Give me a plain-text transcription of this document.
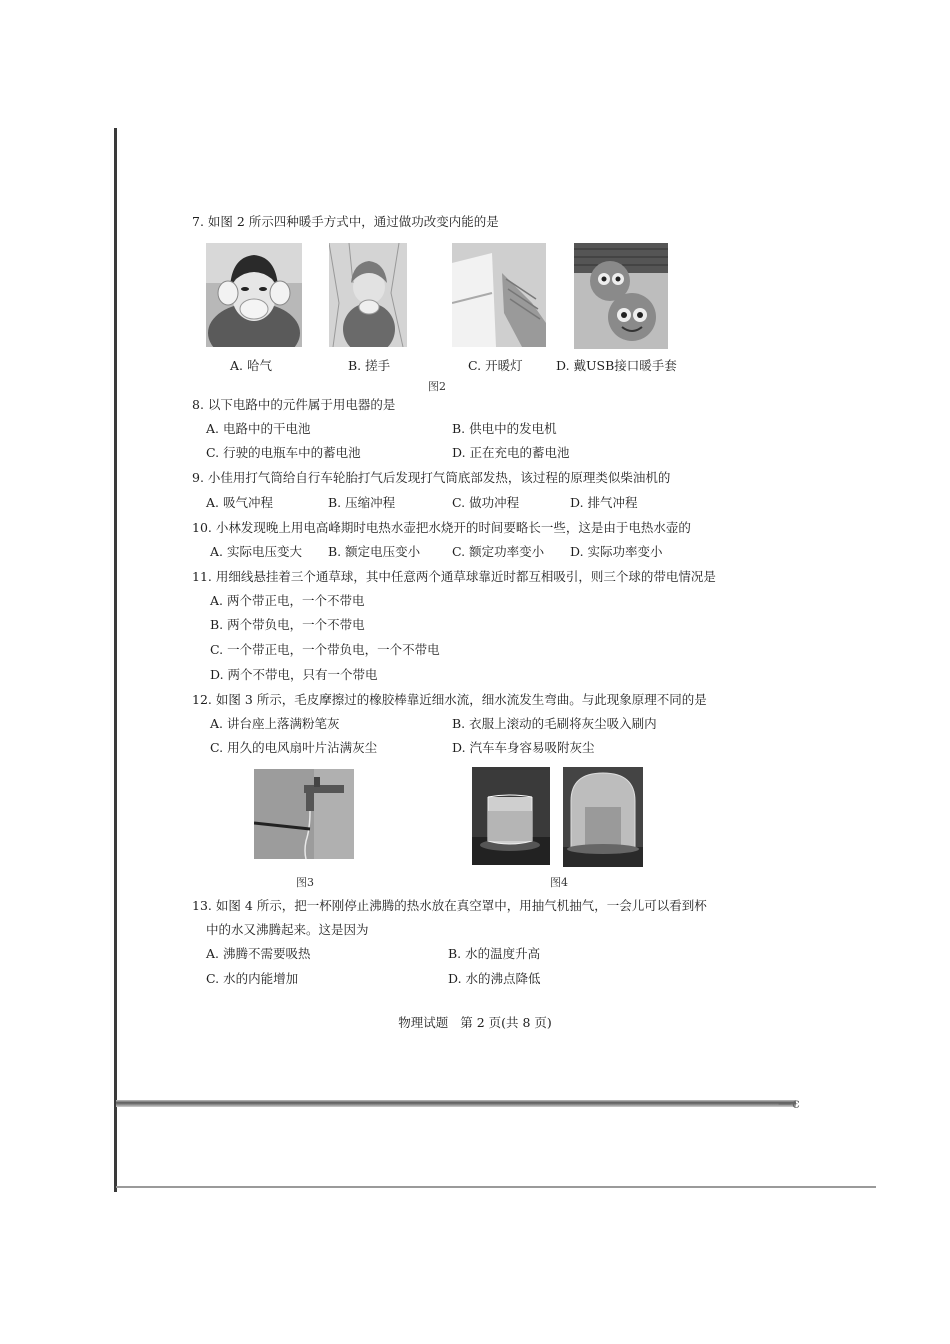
—є
7. 如图 2 所示四种暖手方式中，通过做功改变内能的是
A. 哈气	B. 搓手	C. 开暖灯	D. 戴USB接口暖手套
图2
8. 以下电路中的元件属于用电器的是
A. 电路中的干电池	B. 供电中的发电机
C. 行驶的电瓶车中的蓄电池	D. 正在充电的蓄电池
9. 小佳用打气筒给自行车轮胎打气后发现打气筒底部发热，该过程的原理类似柴油机的
A. 吸气冲程	B. 压缩冲程	C. 做功冲程	D. 排气冲程
10. 小林发现晚上用电高峰期时电热水壶把水烧开的时间要略长一些，这是由于电热水壶的
A. 实际电压变大 B. 额定电压变小	C. 额定功率变小 D. 实际功率变小
11. 用细线悬挂着三个通草球，其中任意两个通草球靠近时都互相吸引，则三个球的带电情况是
A. 两个带正电，一个不带电
B. 两个带负电，一个不带电
C. 一个带正电，一个带负电，一个不带电
D. 两个不带电，只有一个带电
12. 如图 3 所示，毛皮摩擦过的橡胶棒靠近细水流，细水流发生弯曲。与此现象原理不同的是
A. 讲台座上落满粉笔灰	B. 衣服上滚动的毛刷将灰尘吸入刷内
C. 用久的电风扇叶片沾满灰尘	D. 汽车车身容易吸附灰尘
图3	图4
13. 如图 4 所示，把一杯刚停止沸腾的热水放在真空罩中，用抽气机抽气，一会儿可以看到杯
中的水又沸腾起来。这是因为
A. 沸腾不需要吸热	B. 水的温度升高
C. 水的内能增加	D. 水的沸点降低
物理试题 第 2 页(共 8 页)
